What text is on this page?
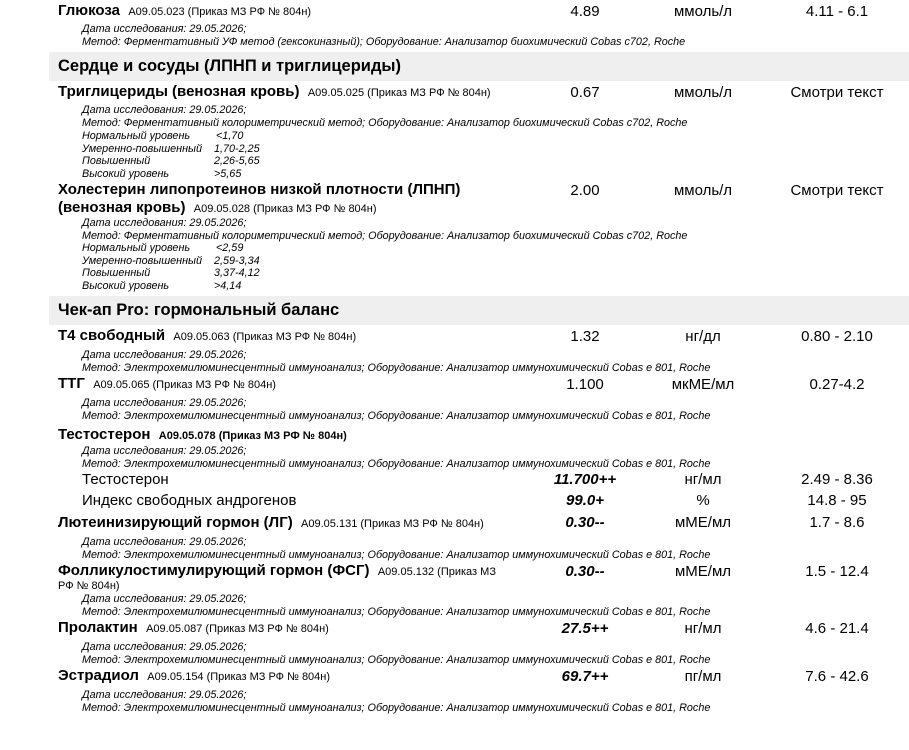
Глюкоза A09.05.023 (Приказ МЗ РФ № 804н)	4.89	ммоль/л	4.11 - 6.1
Дата исследования: 29.05.2026;
Метод: Ферментативный УФ метод (гексокиназный); Оборудование: Анализатор биохимический Cobas c702, Roche
Сердце и сосуды (ЛПНП и триглицериды)
Триглицериды (венозная кровь) A09.05.025 (Приказ МЗ РФ № 804н)	0.67	ммоль/л	Смотри текст
Дата исследования: 29.05.2026;
Метод: Ферментативный колориметрический метод; Оборудование: Анализатор биохимический Cobas c702, Roche
Нормальный уровень <1,70
Умеренно-повышенный 1,70-2,25
Повышенный	2,26-5,65
Высокий уровень	>5,65
Холестерин липопротеинов низкой плотности (ЛПНП)
(венозная кровь) A09.05.028 (Приказ МЗ РФ № 804н)
2.00	ммоль/л	Смотри текст
Дата исследования: 29.05.2026;
Метод: Ферментативный колориметрический метод; Оборудование: Анализатор биохимический Cobas c702, Roche
Нормальный уровень <2,59
Умеренно-повышенный 2,59-3,34
Повышенный	3,37-4,12
Высокий уровень	>4,14
Чек-ап Pro: гормональный баланс
Т4 свободный A09.05.063 (Приказ МЗ РФ № 804н)	1.32	нг/дл	0.80 - 2.10
Дата исследования: 29.05.2026;
Метод: Электрохемилюминесцентный иммуноанализ; Оборудование: Анализатор иммунохимический Cobas e 801, Roche
ТТГ A09.05.065 (Приказ МЗ РФ № 804н)	1.100	мкМЕ/мл	0.27-4.2
Дата исследования: 29.05.2026;
Метод: Электрохемилюминесцентный иммуноанализ; Оборудование: Анализатор иммунохимический Cobas e 801, Roche
Тестостерон A09.05.078 (Приказ МЗ РФ № 804н)
Дата исследования: 29.05.2026;
Метод: Электрохемилюминесцентный иммуноанализ; Оборудование: Анализатор иммунохимический Cobas e 801, Roche
Тестостерон	11.700++	нг/мл	2.49 - 8.36
Индекс свободных андрогенов	99.0+	%	14.8 - 95
Лютеинизирующий гормон (ЛГ) A09.05.131 (Приказ МЗ РФ № 804н)	0.30--	мМЕ/мл	1.7 - 8.6
Дата исследования: 29.05.2026;
Метод: Электрохемилюминесцентный иммуноанализ; Оборудование: Анализатор иммунохимический Cobas e 801, Roche
Фолликулостимулирующий гормон (ФСГ) A09.05.132 (Приказ МЗ
РФ № 804н)
0.30--	мМЕ/мл	1.5 - 12.4
Дата исследования: 29.05.2026;
Метод: Электрохемилюминесцентный иммуноанализ; Оборудование: Анализатор иммунохимический Cobas e 801, Roche
Пролактин A09.05.087 (Приказ МЗ РФ № 804н)	27.5++	нг/мл	4.6 - 21.4
Дата исследования: 29.05.2026;
Метод: Электрохемилюминесцентный иммуноанализ; Оборудование: Анализатор иммунохимический Cobas e 801, Roche
Эстрадиол A09.05.154 (Приказ МЗ РФ № 804н)	69.7++	пг/мл	7.6 - 42.6
Дата исследования: 29.05.2026;
Метод: Электрохемилюминесцентный иммуноанализ; Оборудование: Анализатор иммунохимический Cobas e 801, Roche
